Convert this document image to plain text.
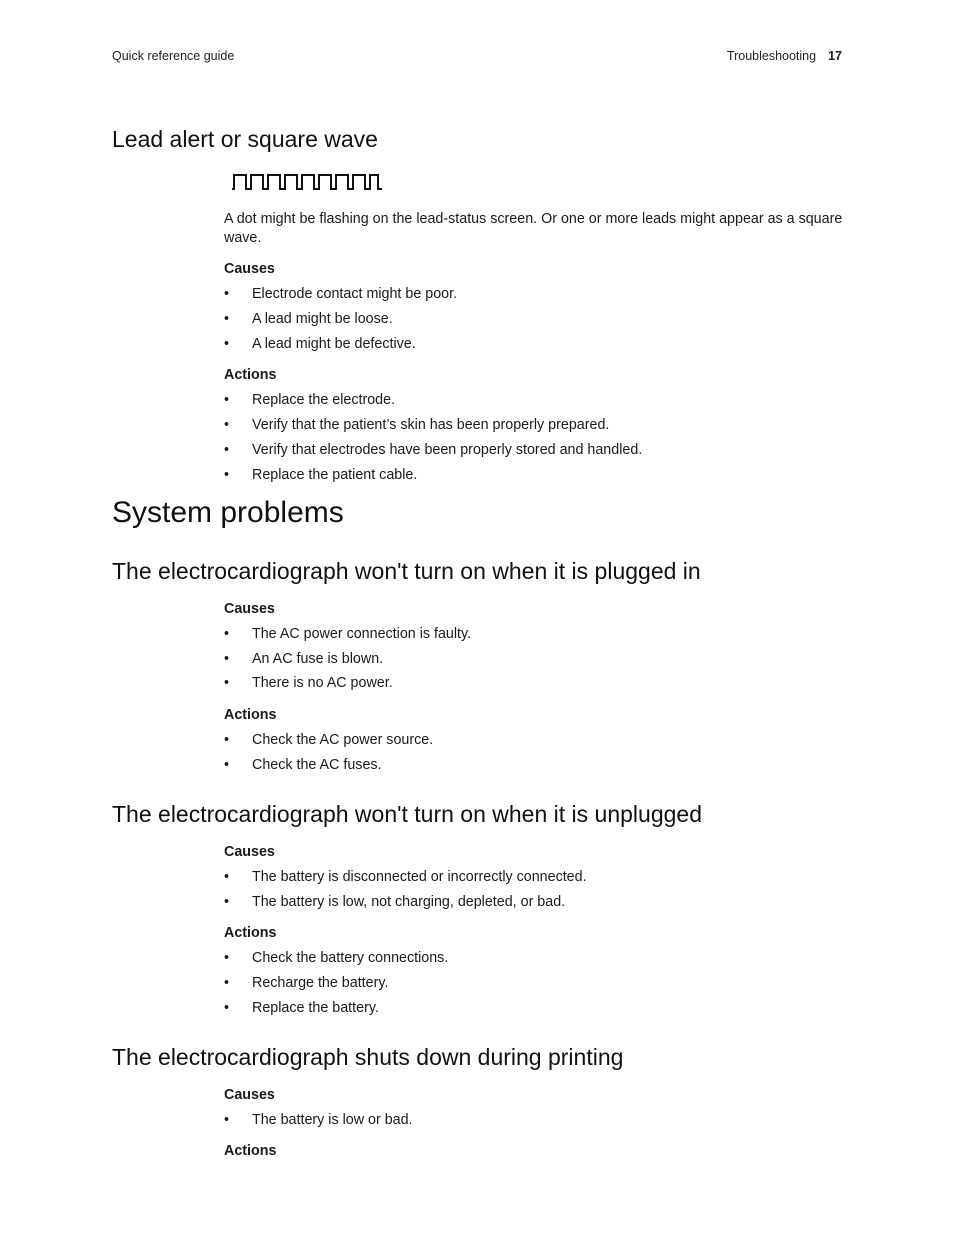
Quick reference guide	Troubleshooting 17
Lead alert or square wave

A dot might be flashing on the lead-status screen. Or one or more leads might appear as a square wave.

Causes
• Electrode contact might be poor.
• A lead might be loose.
• A lead might be defective.
Actions
• Replace the electrode.
• Verify that the patient’s skin has been properly prepared.
• Verify that electrodes have been properly stored and handled.
• Replace the patient cable.
System problems
The electrocardiograph won't turn on when it is plugged in
Causes
• The AC power connection is faulty.
• An AC fuse is blown.
• There is no AC power.
Actions
• Check the AC power source.
• Check the AC fuses.
The electrocardiograph won't turn on when it is unplugged
Causes
• The battery is disconnected or incorrectly connected.
• The battery is low, not charging, depleted, or bad.
Actions
• Check the battery connections.
• Recharge the battery.
• Replace the battery.
The electrocardiograph shuts down during printing
Causes
• The battery is low or bad.
Actions
